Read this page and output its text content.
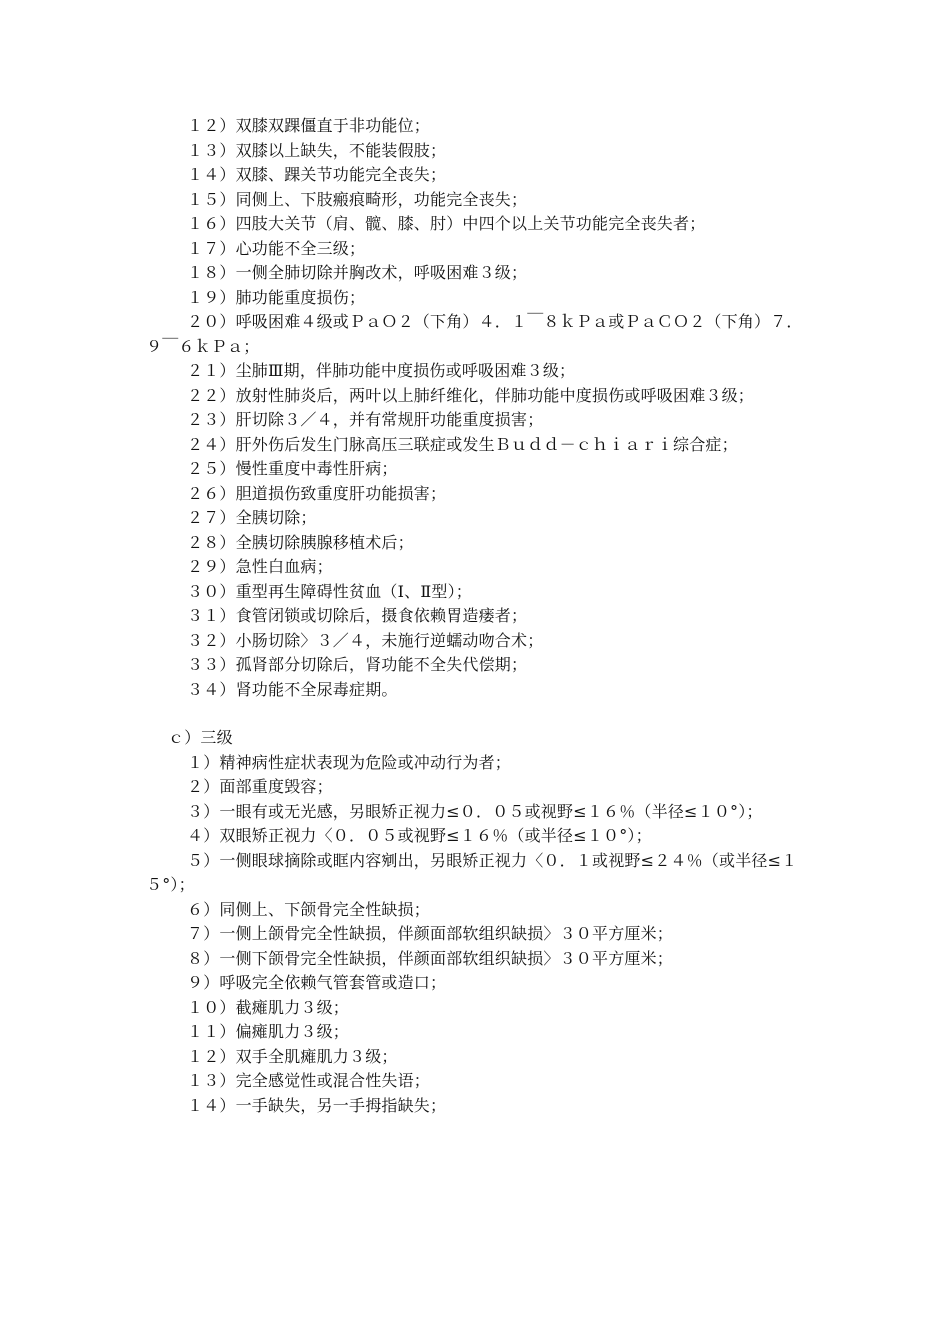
１２）双膝双踝僵直于非功能位；

１３）双膝以上缺失，不能装假肢；

１４）双膝、踝关节功能完全丧失；

１５）同侧上、下肢瘢痕畸形，功能完全丧失；

１６）四肢大关节（肩、髋、膝、肘）中四个以上关节功能完全丧失者；

１７）心功能不全三级；

１８）一侧全肺切除并胸改术，呼吸困难３级；

１９）肺功能重度损伤；

２０）呼吸困难４级或ＰａＯ２（下角）４．１￣８ｋＰａ或ＰａＣＯ２（下角）７．９￣６ｋＰａ；

２１）尘肺Ⅲ期，伴肺功能中度损伤或呼吸困难３级；

２２）放射性肺炎后，两叶以上肺纤维化，伴肺功能中度损伤或呼吸困难３级；

２３）肝切除３／４，并有常规肝功能重度损害；

２４）肝外伤后发生门脉高压三联症或发生Ｂｕｄｄ－ｃｈｉａｒｉ综合症；

２５）慢性重度中毒性肝病；

２６）胆道损伤致重度肝功能损害；

２７）全胰切除；

２８）全胰切除胰腺移植术后；

２９）急性白血病；

３０）重型再生障碍性贫血（Ⅰ、Ⅱ型）；

３１）食管闭锁或切除后，摄食依赖胃造瘘者；

３２）小肠切除〉３／４，未施行逆蠕动吻合术；

３３）孤肾部分切除后，肾功能不全失代偿期；

３４）肾功能不全尿毒症期。

ｃ）三级

１）精神病性症状表现为危险或冲动行为者；

２）面部重度毁容；

３）一眼有或无光感，另眼矫正视力≤０．０５或视野≤１６％（半径≤１０°）；

４）双眼矫正视力〈０．０５或视野≤１６％（或半径≤１０°）；

５）一侧眼球摘除或眶内容剜出，另眼矫正视力〈０．１或视野≤２４％（或半径≤１５°）；

６）同侧上、下颌骨完全性缺损；

７）一侧上颌骨完全性缺损，伴颜面部软组织缺损〉３０平方厘米；

８）一侧下颌骨完全性缺损，伴颜面部软组织缺损〉３０平方厘米；

９）呼吸完全依赖气管套管或造口；

１０）截瘫肌力３级；

１１）偏瘫肌力３级；

１２）双手全肌瘫肌力３级；

１３）完全感觉性或混合性失语；

１４）一手缺失，另一手拇指缺失；
